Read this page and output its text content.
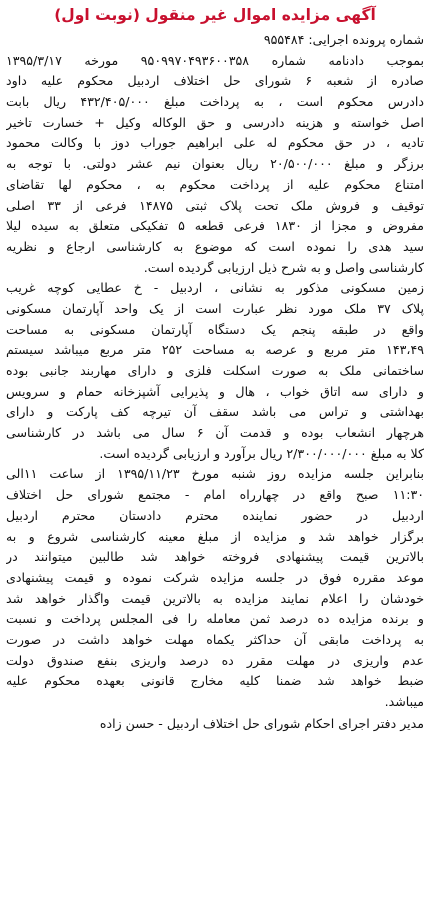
آگهی مزایده اموال غیر منقول (نوبت اول)
شماره پرونده اجرایی: ۹۵۵۴۸۴
بموجب دادنامه شماره ۹۵۰۹۹۷۰۴۹۳۶۰۰۳۵۸ مورخه ۱۳۹۵/۳/۱۷
صادره از شعبه ۶ شورای حل اختلاف اردبیل محکوم علیه داود
دادرس محکوم است ، به پرداخت مبلغ ۴۳۲/۴۰۵/۰۰۰ ریال بابت
اصل خواسته و هزینه دادرسی و حق الوکاله وکیل + خسارت تاخیر
تادیه ، در حق محکوم له علی ابراهیم جوراب دوز با وکالت محمود
برزگر و مبلغ ۲۰/۵۰۰/۰۰۰ ریال بعنوان نیم عشر دولتی. با توجه به
امتناع محکوم علیه از پرداخت محکوم به ، محکوم لها تقاضای
توقیف و فروش ملک تحت پلاک ثبتی ۱۴۸۷۵ فرعی از ۳۳ اصلی
مفروض و مجزا از ۱۸۳۰ فرعی قطعه ۵ تفکیکی متعلق به سیده لیلا
سید هدی را نموده است که موضوع به کارشناسی ارجاع و نظریه
کارشناسی واصل و به شرح ذیل ارزیابی گردیده است.
زمین مسکونی مذکور به نشانی ، اردبیل - خ عطایی کوچه غریب
پلاک ۳۷ ملک مورد نظر عبارت است از یک واحد آپارتمان مسکونی
واقع در طبقه پنجم یک دستگاه آپارتمان مسکونی به مساحت
۱۴۳،۴۹ متر مربع و عرصه به مساحت ۲۵۲ متر مربع میباشد سیستم
ساختمانی ملک به صورت اسکلت فلزی و دارای مهاربند جانبی بوده
و دارای سه اتاق خواب ، هال و پذیرایی آشپزخانه حمام و سرویس
بهداشتی و تراس می باشد سقف آن تیرچه کف پارکت و دارای
هرچهار انشعاب بوده و قدمت آن ۶ سال می باشد در کارشناسی
کلا به مبلغ ۲/۳۰۰/۰۰۰/۰۰۰ ریال برآورد و ارزیابی گردیده است.
بنابراین جلسه مزایده روز شنبه مورخ ۱۳۹۵/۱۱/۲۳ از ساعت ۱۱الی
۱۱:۳۰ صبح واقع در چهارراه امام - مجتمع شورای حل اختلاف
اردبیل در حضور نماینده محترم دادستان محترم اردبیل
برگزار خواهد شد و مزایده از مبلغ معینه کارشناسی شروع و به
بالاترین قیمت پیشنهادی فروخته خواهد شد طالبین میتوانند در
موعد مقرره فوق در جلسه مزایده شرکت نموده و قیمت پیشنهادی
خودشان را اعلام نمایند مزایده به بالاترین قیمت واگذار خواهد شد
و برنده مزایده ده درصد ثمن معامله را فی المجلس پرداخت و نسبت
به پرداخت مابقی آن حداکثر یکماه مهلت خواهد داشت در صورت
عدم واریزی در مهلت مقرر ده درصد واریزی بنفع صندوق دولت
ضبط خواهد شد ضمنا کلیه مخارج قانونی بعهده محکوم علیه
میباشد.
مدیر دفتر اجرای احکام شورای حل اختلاف اردبیل - حسن زاده
